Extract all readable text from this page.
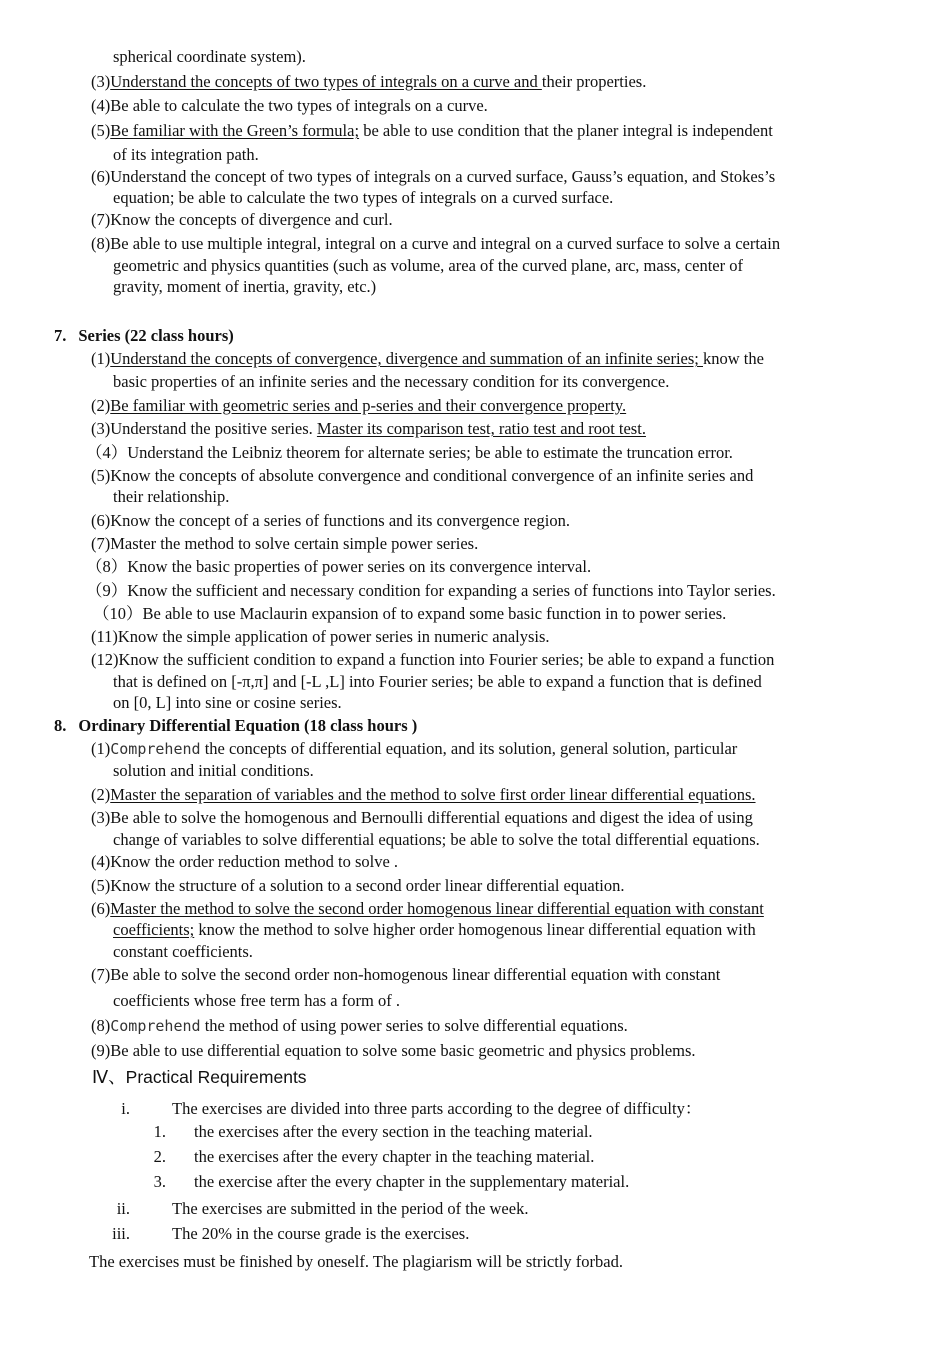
spherical coordinate system).
(3)Understand the concepts of two types of integrals on a curve and their properties.
(4)Be able to calculate the two types of integrals on a curve.
(5)Be familiar with the Green’s formula; be able to use condition that the planer integral is independent
of its integration path.
(6)Understand the concept of two types of integrals on a curved surface, Gauss’s equation, and Stokes’s
equation; be able to calculate the two types of integrals on a curved surface.
(7)Know the concepts of divergence and curl.
(8)Be able to use multiple integral, integral on a curve and integral on a curved surface to solve a certain
geometric and physics quantities (such as volume, area of the curved plane, arc, mass, center of
gravity, moment of inertia, gravity, etc.)
7. Series (22 class hours)
(1)Understand the concepts of convergence, divergence and summation of an infinite series; know the
basic properties of an infinite series and the necessary condition for its convergence.
(2)Be familiar with geometric series and p-series and their convergence property.
(3)Understand the positive series. Master its comparison test, ratio test and root test.
（4）Understand the Leibniz theorem for alternate series; be able to estimate the truncation error.
(5)Know the concepts of absolute convergence and conditional convergence of an infinite series and
their relationship.
(6)Know the concept of a series of functions and its convergence region.
(7)Master the method to solve certain simple power series.
（8）Know the basic properties of power series on its convergence interval.
（9）Know the sufficient and necessary condition for expanding a series of functions into Taylor series.
（10）Be able to use Maclaurin expansion of to expand some basic function in to power series.
(11)Know the simple application of power series in numeric analysis.
(12)Know the sufficient condition to expand a function into Fourier series; be able to expand a function
that is defined on [-π,π] and [-L ,L] into Fourier series; be able to expand a function that is defined
on [0, L] into sine or cosine series.
8. Ordinary Differential Equation (18 class hours )
(1)Comprehend the concepts of differential equation, and its solution, general solution, particular
solution and initial conditions.
(2)Master the separation of variables and the method to solve first order linear differential equations.
(3)Be able to solve the homogenous and Bernoulli differential equations and digest the idea of using
change of variables to solve differential equations; be able to solve the total differential equations.
(4)Know the order reduction method to solve .
(5)Know the structure of a solution to a second order linear differential equation.
(6)Master the method to solve the second order homogenous linear differential equation with constant
coefficients; know the method to solve higher order homogenous linear differential equation with
constant coefficients.
(7)Be able to solve the second order non-homogenous linear differential equation with constant
coefficients whose free term has a form of .
(8)Comprehend the method of using power series to solve differential equations.
(9)Be able to use differential equation to solve some basic geometric and physics problems.
Ⅳ、Practical Requirements
i.	The exercises are divided into three parts according to the degree of difficulty：
1. the exercises after the every section in the teaching material.
2. the exercises after the every chapter in the teaching material.
3. the exercise after the every chapter in the supplementary material.
ii.	The exercises are submitted in the period of the week.
iii.	The 20% in the course grade is the exercises.
The exercises must be finished by oneself. The plagiarism will be strictly forbad.
